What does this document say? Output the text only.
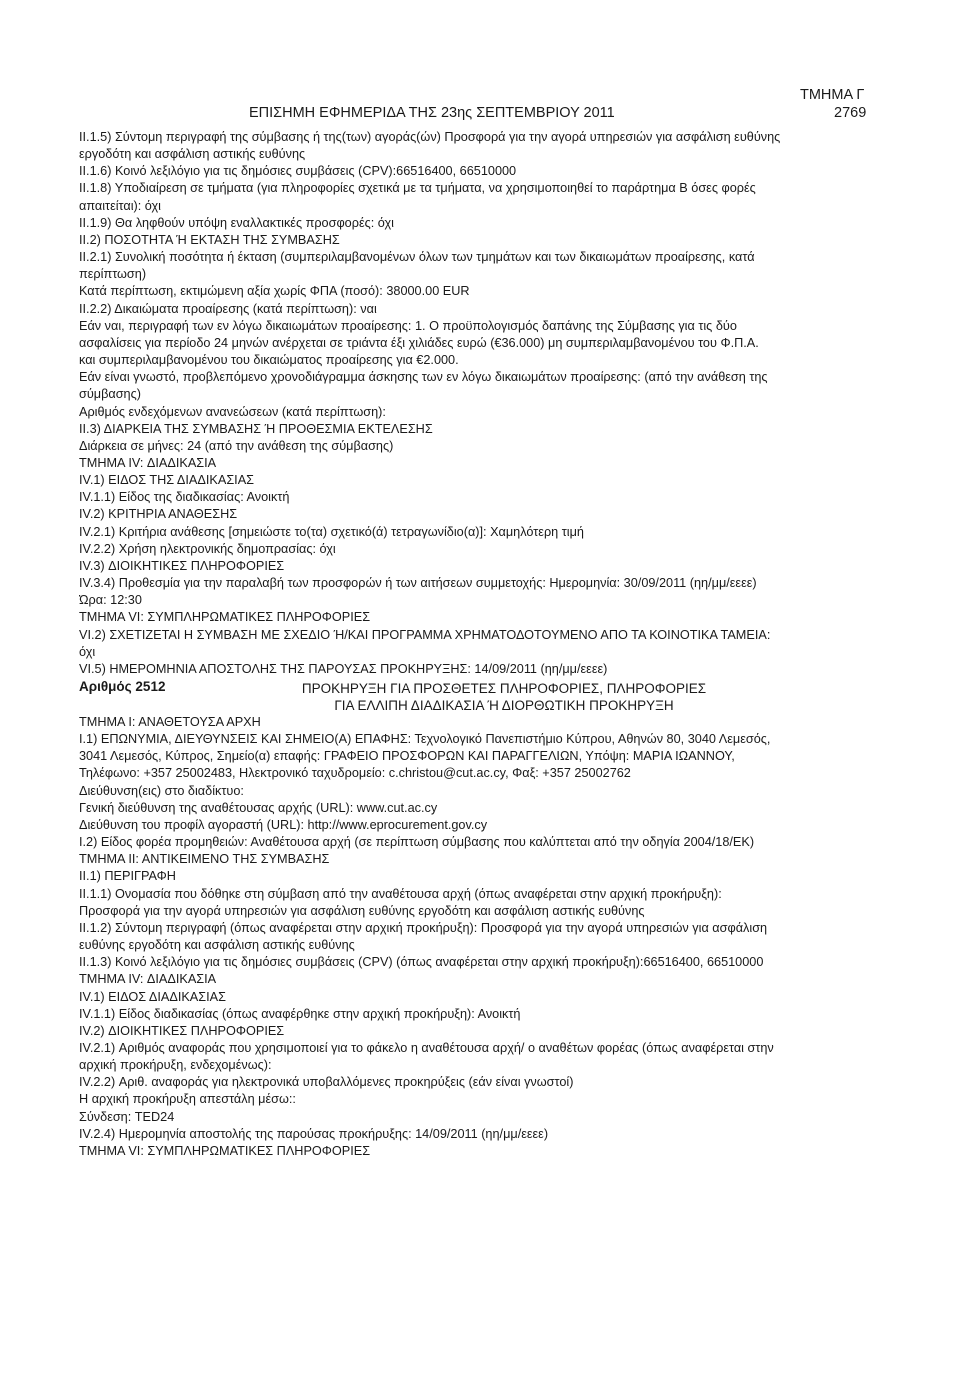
ΤΜΗΜΑ Γ
ΕΠΙΣΗΜΗ ΕΦΗΜΕΡΙΔΑ ΤΗΣ 23ης ΣΕΠΤΕΜΒΡΙΟΥ 2011	2769
ΙΙ.1.5) Σύντομη περιγραφή της σύμβασης ή της(των) αγοράς(ών) Προσφορά για την αγορά υπηρεσιών για ασφάλιση ευθύνης
εργοδότη και ασφάλιση αστικής ευθύνης
ΙΙ.1.6) Κοινό λεξιλόγιο για τις δημόσιες συμβάσεις (CPV):66516400, 66510000
ΙΙ.1.8) Υποδιαίρεση σε τμήματα (για πληροφορίες σχετικά με τα τμήματα, να χρησιμοποιηθεί το παράρτημα Β όσες φορές
απαιτείται): όχι
ΙΙ.1.9) Θα ληφθούν υπόψη εναλλακτικές προσφορές: όχι
ΙΙ.2) ΠΟΣΟΤΗΤΑ Ή ΕΚΤΑΣΗ ΤΗΣ ΣΥΜΒΑΣΗΣ
ΙΙ.2.1) Συνολική ποσότητα ή έκταση (συμπεριλαμβανομένων όλων των τμημάτων και των δικαιωμάτων προαίρεσης, κατά
περίπτωση)
Κατά περίπτωση, εκτιμώμενη αξία χωρίς ΦΠΑ (ποσό): 38000.00 EUR
ΙΙ.2.2) Δικαιώματα προαίρεσης (κατά περίπτωση): ναι
Εάν ναι, περιγραφή των εν λόγω δικαιωμάτων προαίρεσης: 1. Ο προϋπολογισμός δαπάνης της Σύμβασης για τις δύο
ασφαλίσεις για περίοδο 24 μηνών ανέρχεται σε τριάντα έξι χιλιάδες ευρώ (€36.000) μη συμπεριλαμβανομένου του Φ.Π.Α.
και συμπεριλαμβανομένου του δικαιώματος προαίρεσης για €2.000.
Εάν είναι γνωστό, προβλεπόμενο χρονοδιάγραμμα άσκησης των εν λόγω δικαιωμάτων προαίρεσης: (από την ανάθεση της
σύμβασης)
Αριθμός ενδεχόμενων ανανεώσεων (κατά περίπτωση):
ΙΙ.3) ΔΙΑΡΚΕΙΑ ΤΗΣ ΣΥΜΒΑΣΗΣ Ή ΠΡΟΘΕΣΜΙΑ ΕΚΤΕΛΕΣΗΣ
Διάρκεια σε μήνες: 24 (από την ανάθεση της σύμβασης)
ΤΜΗΜΑ ΙV: ΔΙΑΔΙΚΑΣΙΑ
IV.1) ΕΙΔΟΣ ΤΗΣ ΔΙΑΔΙΚΑΣΙΑΣ
IV.1.1) Είδος της διαδικασίας: Ανοικτή
IV.2) ΚΡΙΤΗΡΙΑ ΑΝΑΘΕΣΗΣ
IV.2.1) Κριτήρια ανάθεσης [σημειώστε το(τα) σχετικό(ά) τετραγωνίδιο(α)]: Χαμηλότερη τιμή
IV.2.2) Χρήση ηλεκτρονικής δημοπρασίας: όχι
IV.3) ΔΙΟΙΚΗΤΙΚΕΣ ΠΛΗΡΟΦΟΡΙΕΣ
IV.3.4) Προθεσμία για την παραλαβή των προσφορών ή των αιτήσεων συμμετοχής: Ημερομηνία: 30/09/2011 (ηη/μμ/εεεε)
Ώρα: 12:30
ΤΜΗΜΑ VI: ΣΥΜΠΛΗΡΩΜΑΤΙΚΕΣ ΠΛΗΡΟΦΟΡΙΕΣ
VI.2) ΣΧΕΤΙΖΕΤΑΙ Η ΣΥΜΒΑΣΗ ΜΕ ΣΧΕΔΙΟ Ή/ΚΑΙ ΠΡΟΓΡΑΜΜΑ ΧΡΗΜΑΤΟΔΟΤΟΥΜΕΝΟ ΑΠΟ ΤΑ ΚΟΙΝΟΤΙΚΑ ΤΑΜΕΙΑ:
όχι
VI.5) ΗΜΕΡΟΜΗΝΙΑ ΑΠΟΣΤΟΛΗΣ ΤΗΣ ΠΑΡΟΥΣΑΣ ΠΡΟΚΗΡΥΞΗΣ: 14/09/2011 (ηη/μμ/εεεε)
Αριθμός 2512	ΠΡΟΚΗΡΥΞΗ ΓΙΑ ΠΡΟΣΘΕΤΕΣ ΠΛΗΡΟΦΟΡΙΕΣ, ΠΛΗΡΟΦΟΡΙΕΣ
ΓΙΑ ΕΛΛΙΠΗ ΔΙΑΔΙΚΑΣΙΑ Ή ΔΙΟΡΘΩΤΙΚΗ ΠΡΟΚΗΡΥΞΗ
ΤΜΗΜΑ Ι: ΑΝΑΘΕΤΟΥΣΑ ΑΡΧΗ
Ι.1) ΕΠΩΝΥΜΙΑ, ΔΙΕΥΘΥΝΣΕΙΣ ΚΑΙ ΣΗΜΕΙΟ(Α) ΕΠΑΦΗΣ: Τεχνολογικό Πανεπιστήμιο Κύπρου, Αθηνών 80, 3040 Λεμεσός,
3041 Λεμεσός, Κύπρος, Σημείο(α) επαφής: ΓΡΑΦΕΙΟ ΠΡΟΣΦΟΡΩΝ ΚΑΙ ΠΑΡΑΓΓΕΛΙΩΝ, Υπόψη: ΜΑΡΙΑ ΙΩΑΝΝΟΥ,
Τηλέφωνο: +357 25002483, Ηλεκτρονικό ταχυδρομείο: c.christou@cut.ac.cy, Φαξ: +357 25002762
Διεύθυνση(εις) στο διαδίκτυο:
Γενική διεύθυνση της αναθέτουσας αρχής (URL): www.cut.ac.cy
Διεύθυνση του προφίλ αγοραστή (URL): http://www.eprocurement.gov.cy
Ι.2) Είδος φορέα προμηθειών: Αναθέτουσα αρχή (σε περίπτωση σύμβασης που καλύπτεται από την οδηγία 2004/18/ΕΚ)
ΤΜΗΜΑ ΙΙ: ΑΝΤΙΚΕΙΜΕΝΟ ΤΗΣ ΣΥΜΒΑΣΗΣ
ΙΙ.1) ΠΕΡΙΓΡΑΦΗ
ΙΙ.1.1) Ονομασία που δόθηκε στη σύμβαση από την αναθέτουσα αρχή (όπως αναφέρεται στην αρχική προκήρυξη):
Προσφορά για την αγορά υπηρεσιών για ασφάλιση ευθύνης εργοδότη και ασφάλιση αστικής ευθύνης
ΙΙ.1.2) Σύντομη περιγραφή (όπως αναφέρεται στην αρχική προκήρυξη): Προσφορά για την αγορά υπηρεσιών για ασφάλιση
ευθύνης εργοδότη και ασφάλιση αστικής ευθύνης
ΙΙ.1.3) Κοινό λεξιλόγιο για τις δημόσιες συμβάσεις (CPV) (όπως αναφέρεται στην αρχική προκήρυξη):66516400, 66510000
ΤΜΗΜΑ IV: ΔΙΑΔΙΚΑΣΙΑ
IV.1) ΕΙΔΟΣ ΔΙΑΔΙΚΑΣΙΑΣ
IV.1.1) Είδος διαδικασίας (όπως αναφέρθηκε στην αρχική προκήρυξη): Ανοικτή
IV.2) ΔΙΟΙΚΗΤΙΚΕΣ ΠΛΗΡΟΦΟΡΙΕΣ
IV.2.1) Αριθμός αναφοράς που χρησιμοποιεί για το φάκελο η αναθέτουσα αρχή/ ο αναθέτων φορέας (όπως αναφέρεται στην
αρχική προκήρυξη, ενδεχομένως):
IV.2.2) Αριθ. αναφοράς για ηλεκτρονικά υποβαλλόμενες προκηρύξεις (εάν είναι γνωστοί)
Η αρχική προκήρυξη απεστάλη μέσω::
Σύνδεση: TED24
IV.2.4) Ημερομηνία αποστολής της παρούσας προκήρυξης: 14/09/2011 (ηη/μμ/εεεε)
ΤΜΗΜΑ VI: ΣΥΜΠΛΗΡΩΜΑΤΙΚΕΣ ΠΛΗΡΟΦΟΡΙΕΣ
